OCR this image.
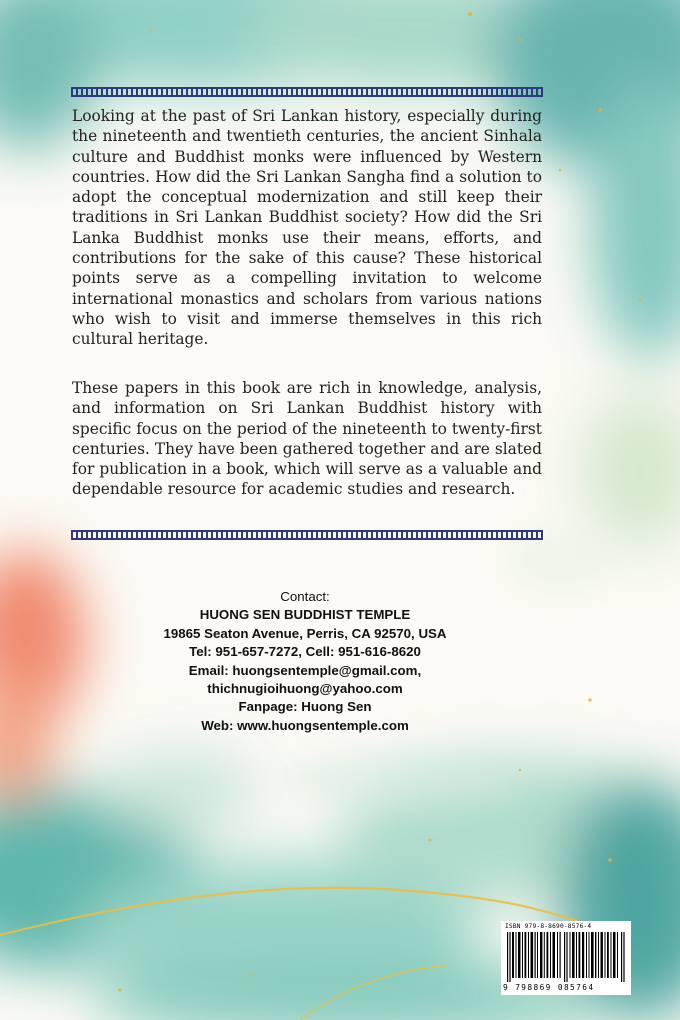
Looking at the past of Sri Lankan history, especially during the nineteenth and twentieth centuries, the ancient Sinhala culture and Buddhist monks were influenced by Western countries. How did the Sri Lankan Sangha find a solution to adopt the conceptual modernization and still keep their traditions in Sri Lankan Buddhist society? How did the Sri Lanka Buddhist monks use their means, efforts, and contributions for the sake of this cause? These historical points serve as a compelling invitation to welcome international monastics and scholars from various nations who wish to visit and immerse themselves in this rich cultural heritage.

These papers in this book are rich in knowledge, analysis, and information on Sri Lankan Buddhist history with specific focus on the period of the nineteenth to twenty-first centuries. They have been gathered together and are slated for publication in a book, which will serve as a valuable and dependable resource for academic studies and research.

Contact:
HUONG SEN BUDDHIST TEMPLE
19865 Seaton Avenue, Perris, CA 92570, USA
Tel: 951-657-7272, Cell: 951-616-8620
Email: huongsentemple@gmail.com,
thichnugioihuong@yahoo.com
Fanpage: Huong Sen
Web: www.huongsentemple.com
ISBN 979-8-8690-8576-4
9 798869 085764
